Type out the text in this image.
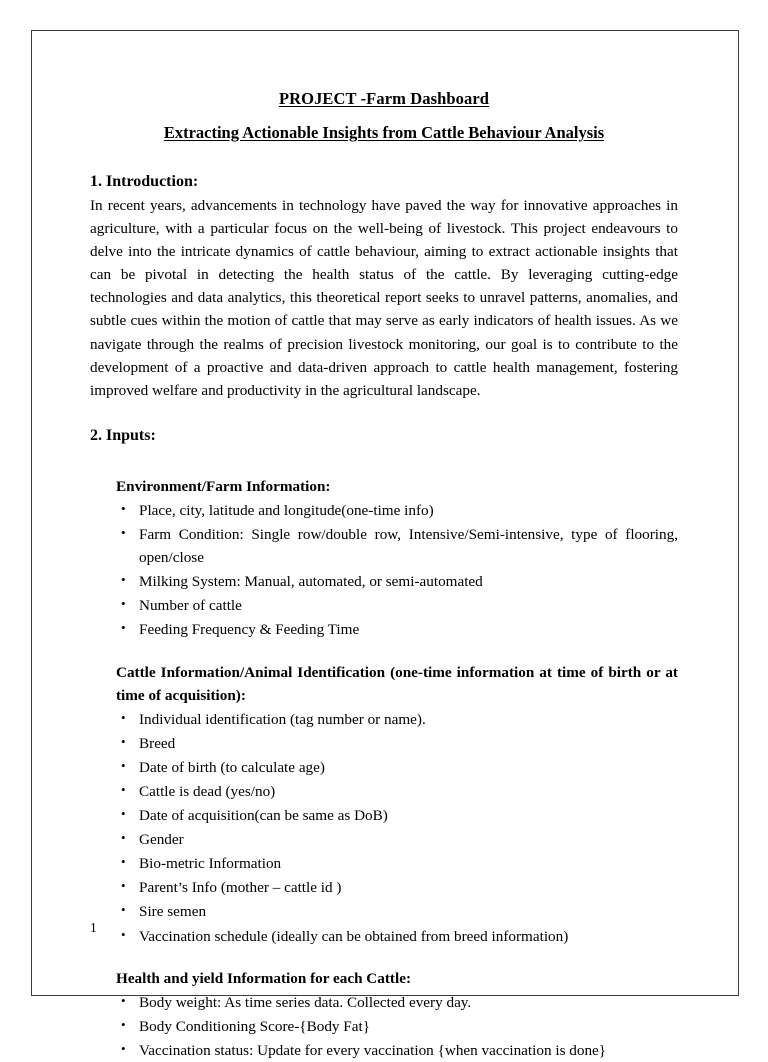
PROJECT -Farm Dashboard
Extracting Actionable Insights from Cattle Behaviour Analysis
1. Introduction:

In recent years, advancements in technology have paved the way for innovative approaches in agriculture, with a particular focus on the well-being of livestock. This project endeavours to delve into the intricate dynamics of cattle behaviour, aiming to extract actionable insights that can be pivotal in detecting the health status of the cattle. By leveraging cutting-edge technologies and data analytics, this theoretical report seeks to unravel patterns, anomalies, and subtle cues within the motion of cattle that may serve as early indicators of health issues. As we navigate through the realms of precision livestock monitoring, our goal is to contribute to the development of a proactive and data-driven approach to cattle health management, fostering improved welfare and productivity in the agricultural landscape.

2. Inputs:
Environment/Farm Information:
• Place, city, latitude and longitude(one-time info)
• Farm Condition: Single row/double row, Intensive/Semi-intensive, type of flooring, open/close
• Milking System: Manual, automated, or semi-automated
• Number of cattle
• Feeding Frequency & Feeding Time
Cattle Information/Animal Identification (one-time information at time of birth or at time of acquisition):
• Individual identification (tag number or name).
• Breed
• Date of birth (to calculate age)
• Cattle is dead (yes/no)
• Date of acquisition(can be same as DoB)
• Gender
• Bio-metric Information
• Parent’s Info (mother – cattle id )
• Sire semen
• Vaccination schedule (ideally can be obtained from breed information)
Health and yield Information for each Cattle:
• Body weight: As time series data. Collected every day.
• Body Conditioning Score-{Body Fat}
• Vaccination status: Update for every vaccination {when vaccination is done}
1
